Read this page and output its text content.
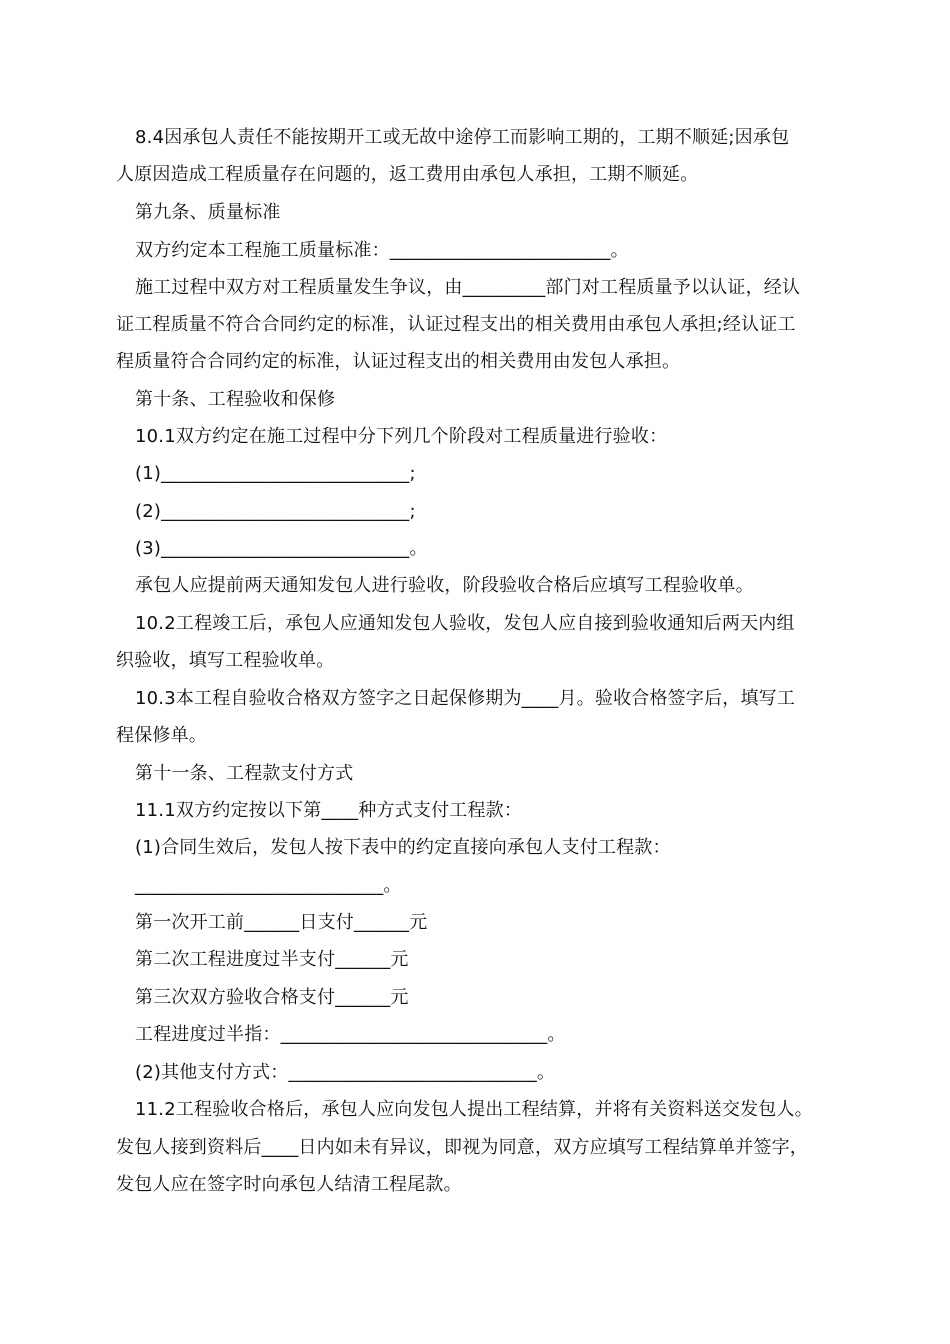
8.4因承包人责任不能按期开工或无故中途停工而影响工期的，工期不顺延;因承包
人原因造成工程质量存在问题的，返工费用由承包人承担，工期不顺延。
第九条、质量标准
双方约定本工程施工质量标准：________________________。
施工过程中双方对工程质量发生争议，由_________部门对工程质量予以认证，经认
证工程质量不符合合同约定的标准，认证过程支出的相关费用由承包人承担;经认证工
程质量符合合同约定的标准，认证过程支出的相关费用由发包人承担。
第十条、工程验收和保修
10.1双方约定在施工过程中分下列几个阶段对工程质量进行验收：
(1)___________________________;
(2)___________________________;
(3)___________________________。
承包人应提前两天通知发包人进行验收，阶段验收合格后应填写工程验收单。
10.2工程竣工后，承包人应通知发包人验收，发包人应自接到验收通知后两天内组
织验收，填写工程验收单。
10.3本工程自验收合格双方签字之日起保修期为____月。验收合格签字后，填写工
程保修单。
第十一条、工程款支付方式
11.1双方约定按以下第____种方式支付工程款：
(1)合同生效后，发包人按下表中的约定直接向承包人支付工程款：
___________________________。
第一次开工前______日支付______元
第二次工程进度过半支付______元
第三次双方验收合格支付______元
工程进度过半指：_____________________________。
(2)其他支付方式：___________________________。
11.2工程验收合格后，承包人应向发包人提出工程结算，并将有关资料送交发包人。
发包人接到资料后____日内如未有异议，即视为同意，双方应填写工程结算单并签字，
发包人应在签字时向承包人结清工程尾款。
